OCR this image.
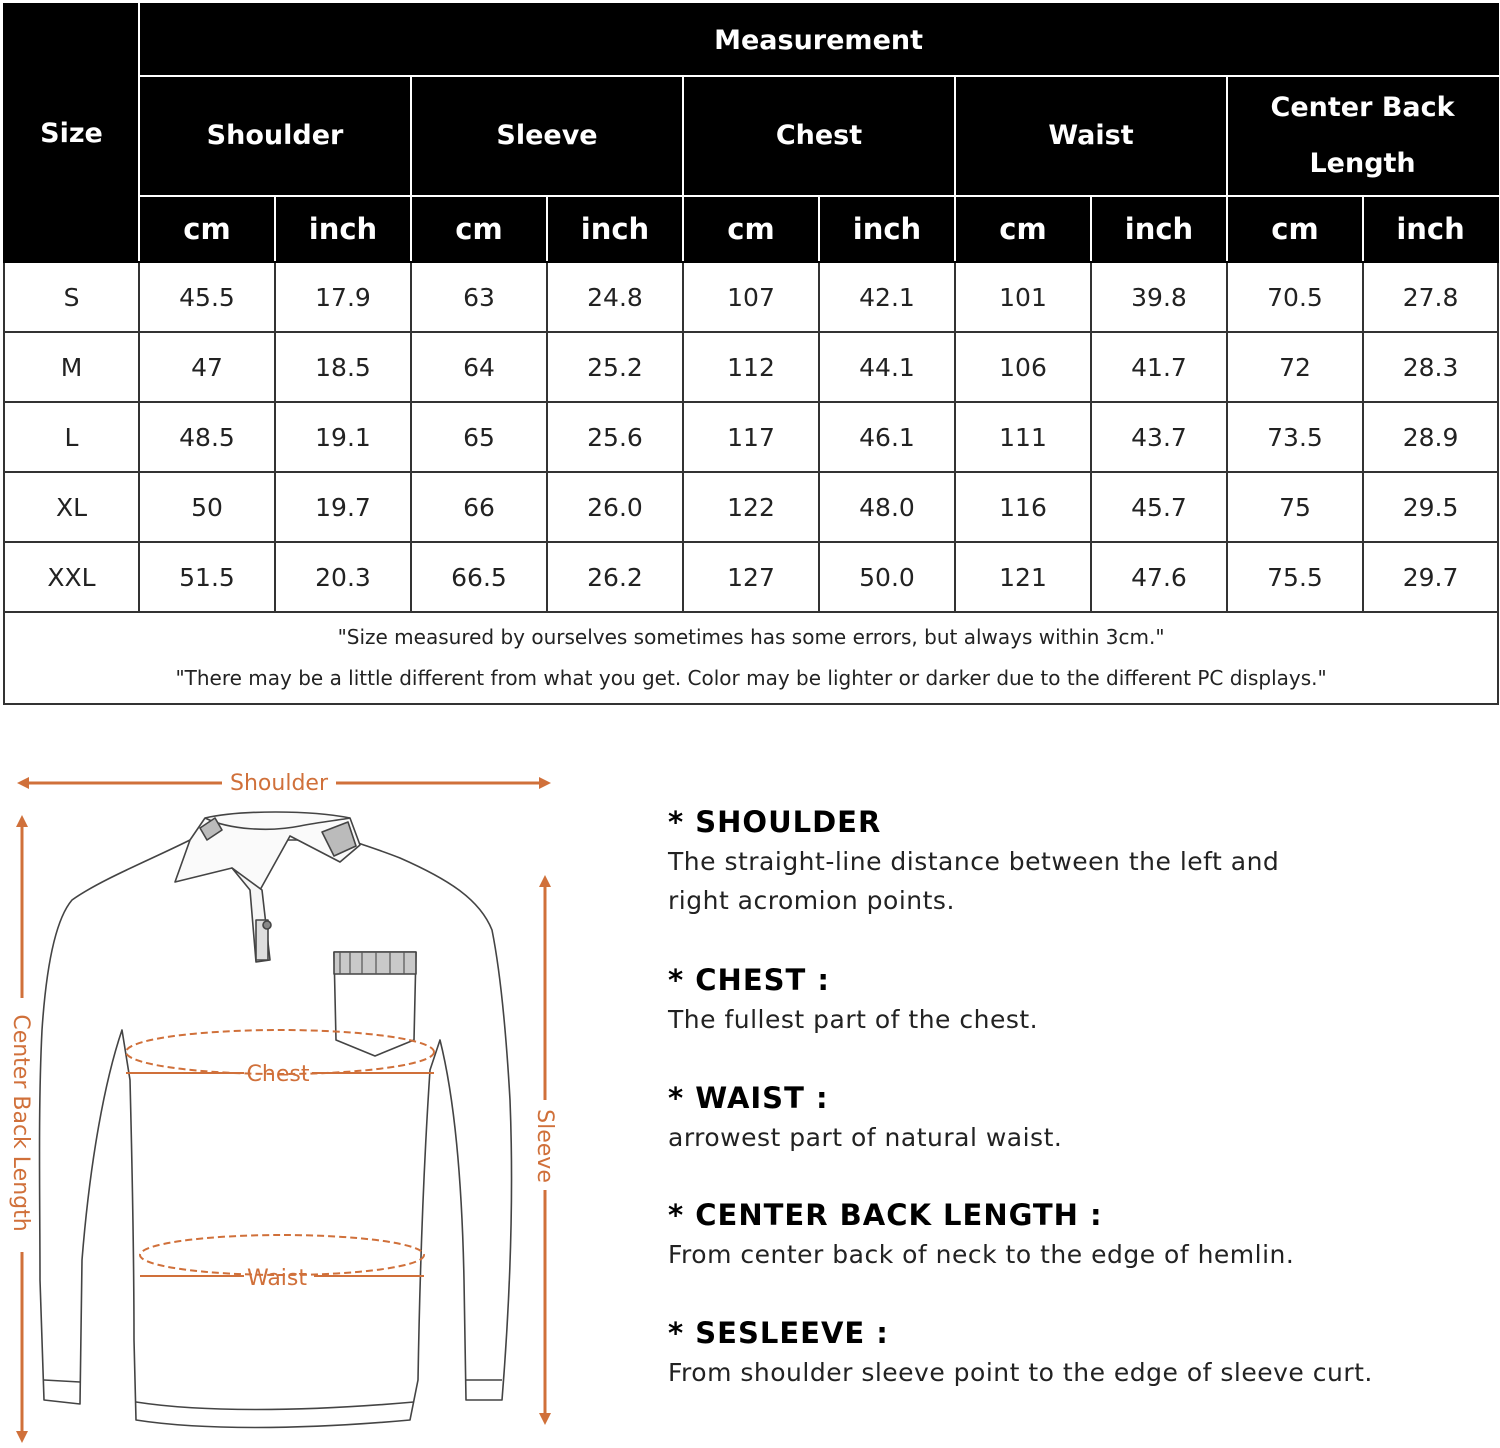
Size	Measurement									
	Shoulder		Sleeve		Chest		Waist		Center Back Length	
	cm	inch	cm	inch	cm	inch	cm	inch	cm	inch
S	45.5	17.9	63	24.8	107	42.1	101	39.8	70.5	27.8
M	47	18.5	64	25.2	112	44.1	106	41.7	72	28.3
L	48.5	19.1	65	25.6	117	46.1	111	43.7	73.5	28.9
XL	50	19.7	66	26.0	122	48.0	116	45.7	75	29.5
XXL	51.5	20.3	66.5	26.2	127	50.0	121	47.6	75.5	29.7

"Size measured by ourselves sometimes has some errors, but always within 3cm."
"There may be a little different from what you get. Color may be lighter or darker due to the different PC displays."										
Shoulder
Center Back Length	Sleeve
Chest
Waist

* SHOULDER

The straight-line distance between the left and

right acromion points.

* CHEST :

The fullest part of the chest.

* WAIST :

arrowest part of natural waist.

* CENTER BACK LENGTH :

From center back of neck to the edge of hemlin.

* SESLEEVE :

From shoulder sleeve point to the edge of sleeve curt.
